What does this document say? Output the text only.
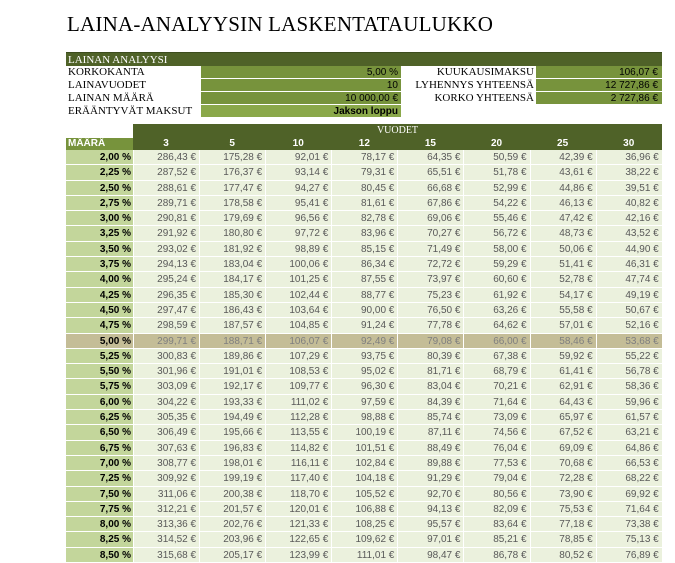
LAINA-ANALYYSIN LASKENTATAULUKKO
LAINAN ANALYYSI
KORKOKANTA	5,00 %	KUUKAUSIMAKSU	106,07 €
LAINAVUODET	10 LYHENNYS YHTEENSÄ	12 727,86 €
LAINAN MÄÄRÄ	10 000,00 €	KORKO YHTEENSÄ	2 727,86 €
ERÄÄNTYVÄT MAKSUT	Jakson loppu
VUODET
MÄÄRÄ	3	5	10	12	15	20	25	30
2,00 %	286,43 €	175,28 €	92,01 €	78,17 €	64,35 €	50,59 €	42,39 €	36,96 €
2,25 %	287,52 €	176,37 €	93,14 €	79,31 €	65,51 €	51,78 €	43,61 €	38,22 €
2,50 %	288,61 €	177,47 €	94,27 €	80,45 €	66,68 €	52,99 €	44,86 €	39,51 €
2,75 %	289,71 €	178,58 €	95,41 €	81,61 €	67,86 €	54,22 €	46,13 €	40,82 €
3,00 %	290,81 €	179,69 €	96,56 €	82,78 €	69,06 €	55,46 €	47,42 €	42,16 €
3,25 %	291,92 €	180,80 €	97,72 €	83,96 €	70,27 €	56,72 €	48,73 €	43,52 €
3,50 %	293,02 €	181,92 €	98,89 €	85,15 €	71,49 €	58,00 €	50,06 €	44,90 €
3,75 %	294,13 €	183,04 €	100,06 €	86,34 €	72,72 €	59,29 €	51,41 €	46,31 €
4,00 %	295,24 €	184,17 €	101,25 €	87,55 €	73,97 €	60,60 €	52,78 €	47,74 €
4,25 %	296,35 €	185,30 €	102,44 €	88,77 €	75,23 €	61,92 €	54,17 €	49,19 €
4,50 %	297,47 €	186,43 €	103,64 €	90,00 €	76,50 €	63,26 €	55,58 €	50,67 €
4,75 %	298,59 €	187,57 €	104,85 €	91,24 €	77,78 €	64,62 €	57,01 €	52,16 €
5,00 %	299,71 €	188,71 €	106,07 €	92,49 €	79,08 €	66,00 €	58,46 €	53,68 €
5,25 %	300,83 €	189,86 €	107,29 €	93,75 €	80,39 €	67,38 €	59,92 €	55,22 €
5,50 %	301,96 €	191,01 €	108,53 €	95,02 €	81,71 €	68,79 €	61,41 €	56,78 €
5,75 %	303,09 €	192,17 €	109,77 €	96,30 €	83,04 €	70,21 €	62,91 €	58,36 €
6,00 %	304,22 €	193,33 €	111,02 €	97,59 €	84,39 €	71,64 €	64,43 €	59,96 €
6,25 %	305,35 €	194,49 €	112,28 €	98,88 €	85,74 €	73,09 €	65,97 €	61,57 €
6,50 %	306,49 €	195,66 €	113,55 €	100,19 €	87,11 €	74,56 €	67,52 €	63,21 €
6,75 %	307,63 €	196,83 €	114,82 €	101,51 €	88,49 €	76,04 €	69,09 €	64,86 €
7,00 %	308,77 €	198,01 €	116,11 €	102,84 €	89,88 €	77,53 €	70,68 €	66,53 €
7,25 %	309,92 €	199,19 €	117,40 €	104,18 €	91,29 €	79,04 €	72,28 €	68,22 €
7,50 %	311,06 €	200,38 €	118,70 €	105,52 €	92,70 €	80,56 €	73,90 €	69,92 €
7,75 %	312,21 €	201,57 €	120,01 €	106,88 €	94,13 €	82,09 €	75,53 €	71,64 €
8,00 %	313,36 €	202,76 €	121,33 €	108,25 €	95,57 €	83,64 €	77,18 €	73,38 €
8,25 %	314,52 €	203,96 €	122,65 €	109,62 €	97,01 €	85,21 €	78,85 €	75,13 €
8,50 %	315,68 €	205,17 €	123,99 €	111,01 €	98,47 €	86,78 €	80,52 €	76,89 €
